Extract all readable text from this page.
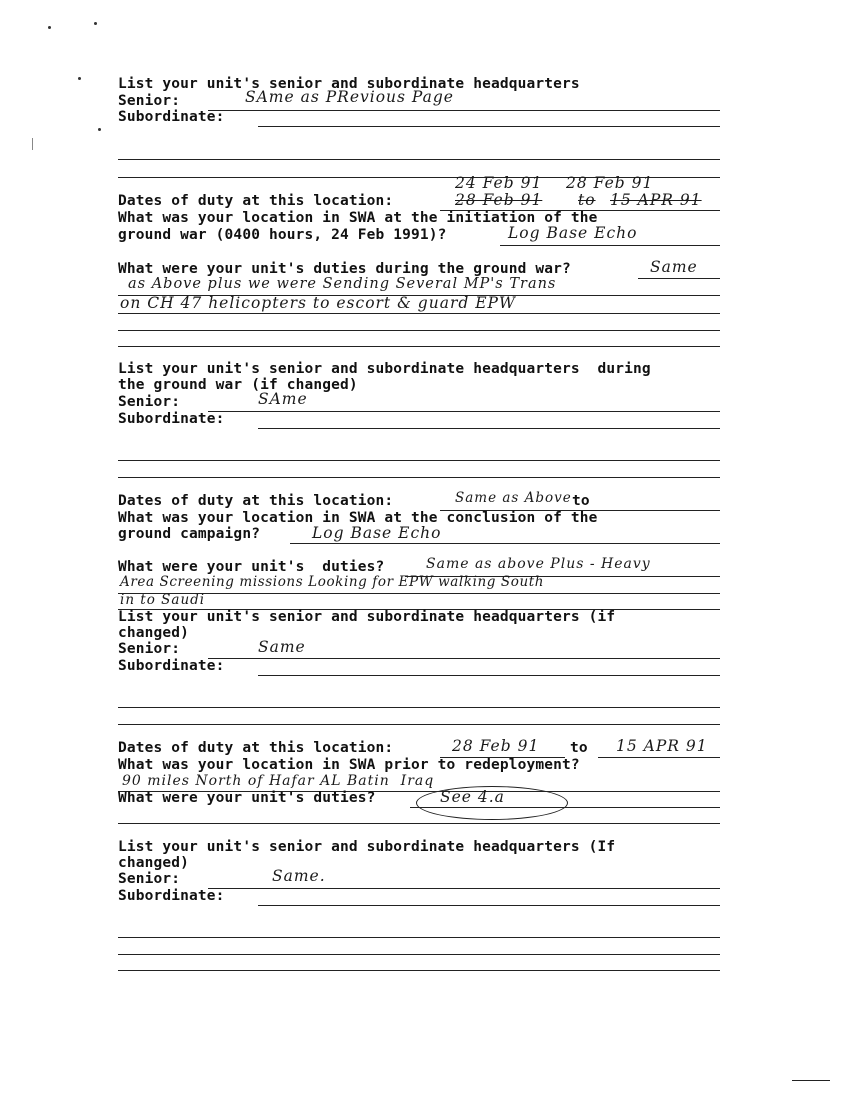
List your unit's senior and subordinate headquarters
Senior:	SAme as PRevious Page
Subordinate:
24 Feb 91    28 Feb 91
Dates of duty at this location:	28 Feb 91 to 15 APR 91
What was your location in SWA at the initiation of the
ground war (0400 hours, 24 Feb 1991)?	Log Base Echo
What were your unit's duties during the ground war?	Same
as Above plus we were Sending Several MP's Trans
on CH 47 helicopters to escort & guard EPW
List your unit's senior and subordinate headquarters  during
the ground war (if changed)
Senior:	SAme
Subordinate:
Dates of duty at this location:	Same as Above to
What was your location in SWA at the conclusion of the
ground campaign?	Log Base Echo
What were your unit's  duties?	Same as above Plus - Heavy
Area Screening missions Looking for EPW walking South
in to Saudi
List your unit's senior and subordinate headquarters (if
changed)
Senior:	Same
Subordinate:
Dates of duty at this location:	28 Feb 91 to 15 APR 91
What was your location in SWA prior to redeployment?
90 miles North of Hafar AL Batin  Iraq
What were your unit's duties?	See 4.a
List your unit's senior and subordinate headquarters (If
changed)
Senior:	Same.
Subordinate:
